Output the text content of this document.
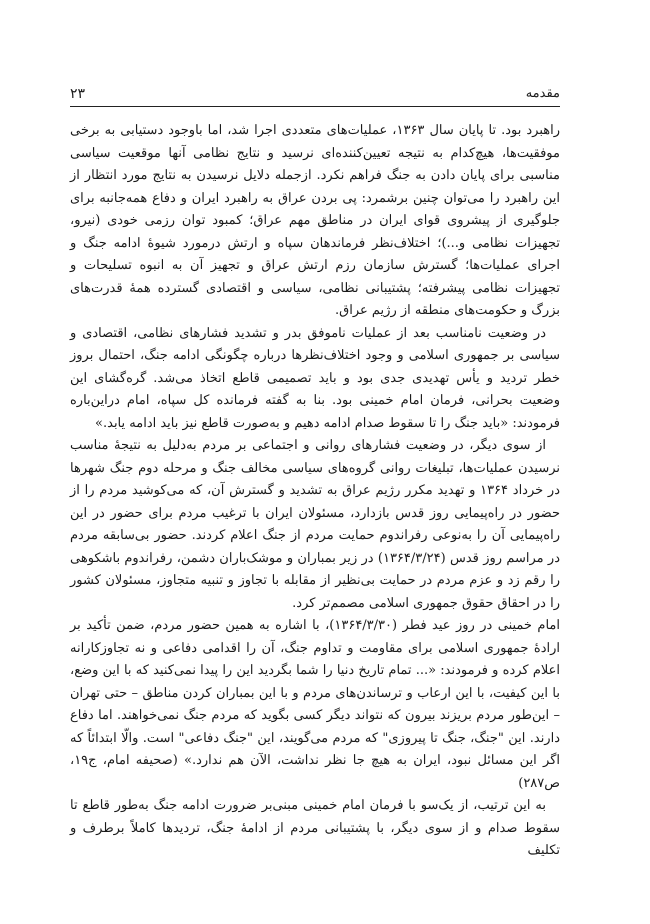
مقدمه
۲۳

راهبرد بود. تا پایان سال ۱۳۶۳، عملیات‌های متعددی اجرا شد، اما باوجود دستیابی به برخی موفقیت‌ها، هیچ‌کدام به نتیجه تعیین‌کننده‌ای نرسید و نتایج نظامی آنها موقعیت سیاسی مناسبی برای پایان دادن به جنگ فراهم نکرد. ازجمله دلایل نرسیدن به نتایج مورد انتظار از این راهبرد را می‌توان چنین برشمرد: پی بردن عراق به راهبرد ایران و دفاع همه‌جانبه برای جلوگیری از پیشروی قوای ایران در مناطق مهم عراق؛ کمبود توان رزمی خودی (نیرو، تجهیزات نظامی و...)؛ اختلاف‌نظر فرماندهان سپاه و ارتش درمورد شیوهٔ ادامه جنگ و اجرای عملیات‌ها؛ گسترش سازمان رزم ارتش عراق و تجهیز آن به انبوه تسلیحات و تجهیزات نظامی پیشرفته؛ پشتیبانی نظامی، سیاسی و اقتصادی گسترده همهٔ قدرت‌های بزرگ و حکومت‌های منطقه از رژیم عراق.

در وضعیت نامناسب بعد از عملیات ناموفق بدر و تشدید فشارهای نظامی، اقتصادی و سیاسی بر جمهوری اسلامی و وجود اختلاف‌نظرها درباره چگونگی ادامه جنگ، احتمال بروز خطر تردید و یأس تهدیدی جدی بود و باید تصمیمی قاطع اتخاذ می‌شد. گره‌گشای این وضعیت بحرانی، فرمان امام خمینی بود. بنا به گفته فرمانده کل سپاه، امام دراین‌باره فرمودند: «باید جنگ را تا سقوط صدام ادامه دهیم و به‌صورت قاطع نیز باید ادامه یابد.»

از سوی دیگر، در وضعیت فشارهای روانی و اجتماعی بر مردم به‌دلیل به نتیجهٔ مناسب نرسیدن عملیات‌ها، تبلیغات روانی گروه‌های سیاسی مخالف جنگ و مرحله دوم جنگ شهرها در خرداد ۱۳۶۴ و تهدید مکرر رژیم عراق به تشدید و گسترش آن، که می‌کوشید مردم را از حضور در راه‌پیمایی روز قدس بازدارد، مسئولان ایران با ترغیب مردم برای حضور در این راه‌پیمایی آن را به‌نوعی رفراندوم حمایت مردم از جنگ اعلام کردند. حضور بی‌سابقه مردم در مراسم روز قدس (۱۳۶۴/۳/۲۴) در زیر بمباران و موشک‌باران دشمن، رفراندوم باشکوهی را رقم زد و عزم مردم در حمایت بی‌نظیر از مقابله با تجاوز و تنبیه متجاوز، مسئولان کشور را در احقاق حقوق جمهوری اسلامی مصمم‌تر کرد.

امام خمینی در روز عید فطر (۱۳۶۴/۳/۳۰)، با اشاره به همین حضور مردم، ضمن تأکید بر ارادهٔ جمهوری اسلامی برای مقاومت و تداوم جنگ، آن را اقدامی دفاعی و نه تجاوزکارانه اعلام کرده و فرمودند: «... تمام تاریخ دنیا را شما بگردید این را پیدا نمی‌کنید که با این وضع، با این کیفیت، با این ارعاب و ترساندن‌های مردم و با این بمباران کردن مناطق – حتی تهران – این‌طور مردم بریزند بیرون که نتواند دیگر کسی بگوید که مردم جنگ نمی‌خواهند. اما دفاع دارند. این "جنگ، جنگ تا پیروزی" که مردم می‌گویند، این "جنگ دفاعی" است. والّا ابتدائاً که اگر این مسائل نبود، ایران به هیچ جا نظر نداشت، الآن هم ندارد.» (صحیفه امام، ج۱۹، ص۲۸۷)

به این ترتیب، از یک‌سو با فرمان امام خمینی مبنی‌بر ضرورت ادامه جنگ به‌طور قاطع تا سقوط صدام و از سوی دیگر، با پشتیبانی مردم از ادامهٔ جنگ، تردیدها کاملاً برطرف و تکلیف
